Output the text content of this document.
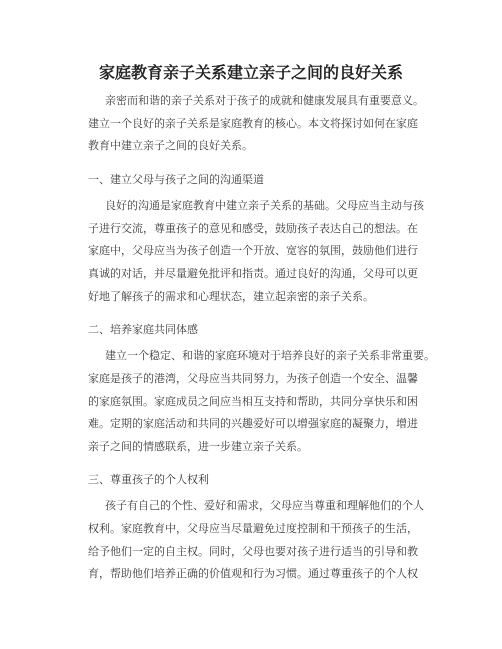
家庭教育亲子关系建立亲子之间的良好关系
亲密而和谐的亲子关系对于孩子的成就和健康发展具有重要意义。
建立一个良好的亲子关系是家庭教育的核心。本文将探讨如何在家庭
教育中建立亲子之间的良好关系。
一、建立父母与孩子之间的沟通渠道
良好的沟通是家庭教育中建立亲子关系的基础。父母应当主动与孩
子进行交流，尊重孩子的意见和感受，鼓励孩子表达自己的想法。在
家庭中，父母应当为孩子创造一个开放、宽容的氛围，鼓励他们进行
真诚的对话，并尽量避免批评和指责。通过良好的沟通，父母可以更
好地了解孩子的需求和心理状态，建立起亲密的亲子关系。
二、培养家庭共同体感
建立一个稳定、和谐的家庭环境对于培养良好的亲子关系非常重要。
家庭是孩子的港湾，父母应当共同努力，为孩子创造一个安全、温馨
的家庭氛围。家庭成员之间应当相互支持和帮助，共同分享快乐和困
难。定期的家庭活动和共同的兴趣爱好可以增强家庭的凝聚力，增进
亲子之间的情感联系，进一步建立亲子关系。
三、尊重孩子的个人权利
孩子有自己的个性、爱好和需求，父母应当尊重和理解他们的个人
权利。家庭教育中，父母应当尽量避免过度控制和干预孩子的生活，
给予他们一定的自主权。同时，父母也要对孩子进行适当的引导和教
育，帮助他们培养正确的价值观和行为习惯。通过尊重孩子的个人权
